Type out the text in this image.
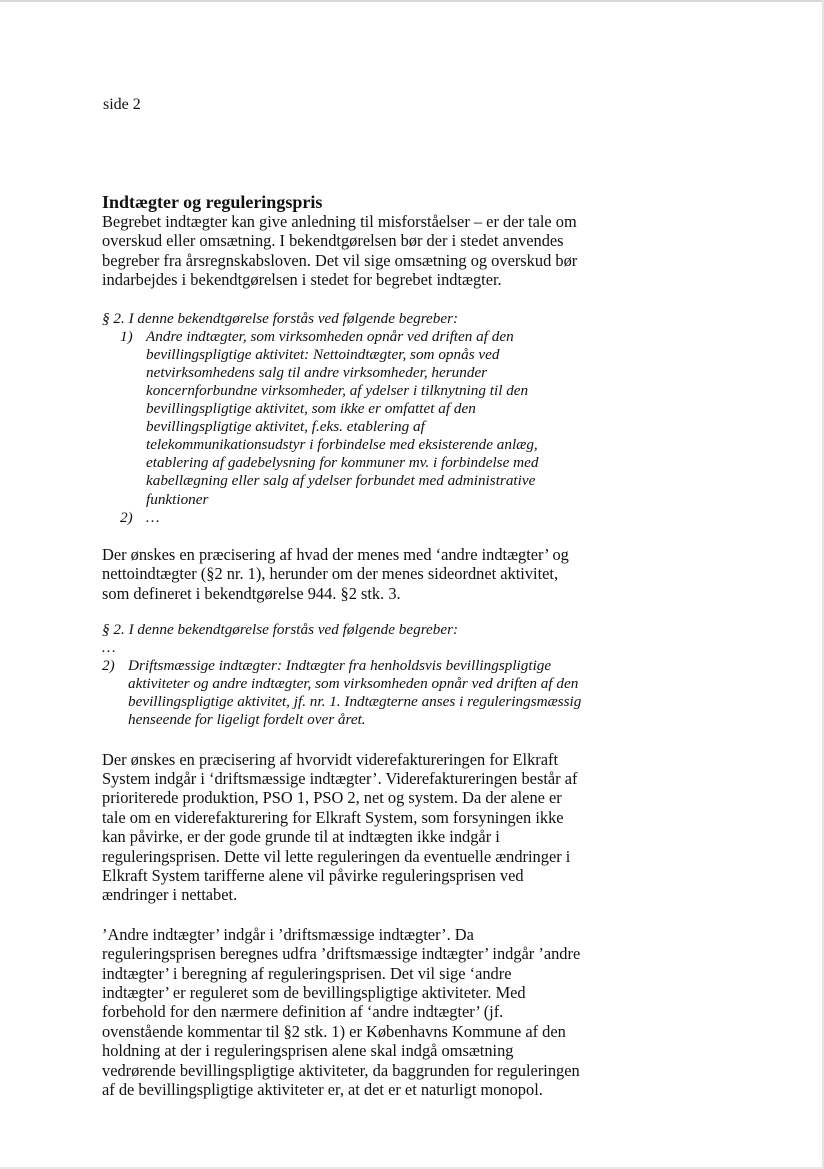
side 2
Indtægter og reguleringspris

Begrebet indtægter kan give anledning til misforståelser – er der tale om overskud eller omsætning. I bekendtgørelsen bør der i stedet anvendes begreber fra årsregnskabsloven. Det vil sige omsætning og overskud bør indarbejdes i bekendtgørelsen i stedet for begrebet indtægter.

§ 2. I denne bekendtgørelse forstås ved følgende begreber:

1) Andre indtægter, som virksomheden opnår ved driften af den bevillingspligtige aktivitet: Nettoindtægter, som opnås ved netvirksomhedens salg til andre virksomheder, herunder koncernforbundne virksomheder, af ydelser i tilknytning til den bevillingspligtige aktivitet, som ikke er omfattet af den bevillingspligtige aktivitet, f.eks. etablering af telekommunikationsudstyr i forbindelse med eksisterende anlæg, etablering af gadebelysning for kommuner mv. i forbindelse med kabellægning eller salg af ydelser forbundet med administrative funktioner
2) …

Der ønskes en præcisering af hvad der menes med ‘andre indtægter’ og nettoindtægter (§2 nr. 1), herunder om der menes sideordnet aktivitet, som defineret i bekendtgørelse 944. §2 stk. 3.

§ 2. I denne bekendtgørelse forstås ved følgende begreber:

…

2) Driftsmæssige indtægter: Indtægter fra henholdsvis bevillingspligtige aktiviteter og andre indtægter, som virksomheden opnår ved driften af den bevillingspligtige aktivitet, jf. nr. 1. Indtægterne anses i reguleringsmæssig henseende for ligeligt fordelt over året.

Der ønskes en præcisering af hvorvidt viderefaktureringen for Elkraft System indgår i ‘driftsmæssige indtægter’. Viderefaktureringen består af prioriterede produktion, PSO 1, PSO 2, net og system. Da der alene er tale om en viderefakturering for Elkraft System, som forsyningen ikke kan påvirke, er der gode grunde til at indtægten ikke indgår i reguleringsprisen. Dette vil lette reguleringen da eventuelle ændringer i Elkraft System tarifferne alene vil påvirke reguleringsprisen ved ændringer i nettabet.

’Andre indtægter’ indgår i ’driftsmæssige indtægter’. Da reguleringsprisen beregnes udfra ’driftsmæssige indtægter’ indgår ’andre indtægter’ i beregning af reguleringsprisen. Det vil sige ‘andre indtægter’ er reguleret som de bevillingspligtige aktiviteter. Med forbehold for den nærmere definition af ‘andre indtægter’ (jf. ovenstående kommentar til §2 stk. 1) er Københavns Kommune af den holdning at der i reguleringsprisen alene skal indgå omsætning vedrørende bevillingspligtige aktiviteter, da baggrunden for reguleringen af de bevillingspligtige aktiviteter er, at det er et naturligt monopol.
